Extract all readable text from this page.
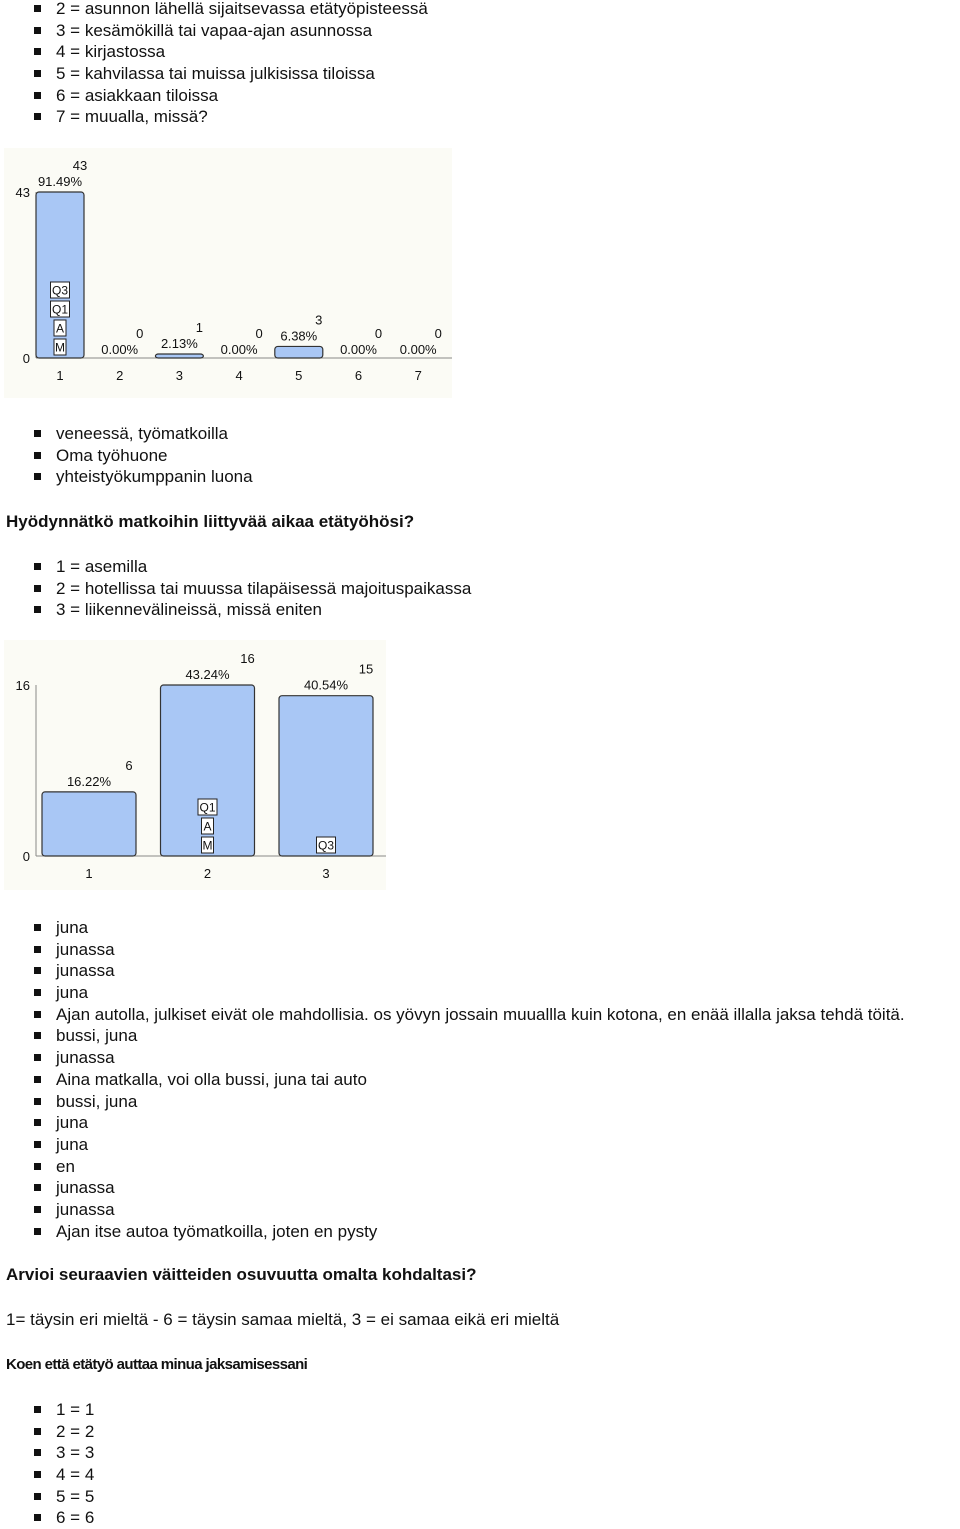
2 = asunnon lähellä sijaitsevassa etätyöpisteessä
3 = kesämökillä tai vapaa-ajan asunnossa
4 = kirjastossa
5 = kahvilassa tai muissa julkisissa tiloissa
6 = asiakkaan tiloissa
7 = muualla, missä?
0
43
91.49%
43
1
0.00%
0
2
2.13%
1
3
0.00%
0
4
6.38%
3
5
0.00%
0
6
0.00%
0
7
M
A
Q1
Q3
veneessä, työmatkoilla
Oma työhuone
yhteistyökumppanin luona
Hyödynnätkö matkoihin liittyvää aikaa etätyöhösi?
1 = asemilla
2 = hotellissa tai muussa tilapäisessä majoituspaikassa
3 = liikennevälineissä, missä eniten
0
16
16.22%
6
1
43.24%
16
2
40.54%
15
3
M
A
Q1
Q3
juna
junassa
junassa
juna
Ajan autolla, julkiset eivät ole mahdollisia. os yövyn jossain muuallla kuin kotona, en enää illalla jaksa tehdä töitä.
bussi, juna
junassa
Aina matkalla, voi olla bussi, juna tai auto
bussi, juna
juna
juna
en
junassa
junassa
Ajan itse autoa työmatkoilla, joten en pysty
Arvioi seuraavien väitteiden osuvuutta omalta kohdaltasi?
1= täysin eri mieltä - 6 = täysin samaa mieltä, 3 = ei samaa eikä eri mieltä
Koen että etätyö auttaa minua jaksamisessani
1 = 1
2 = 2
3 = 3
4 = 4
5 = 5
6 = 6
